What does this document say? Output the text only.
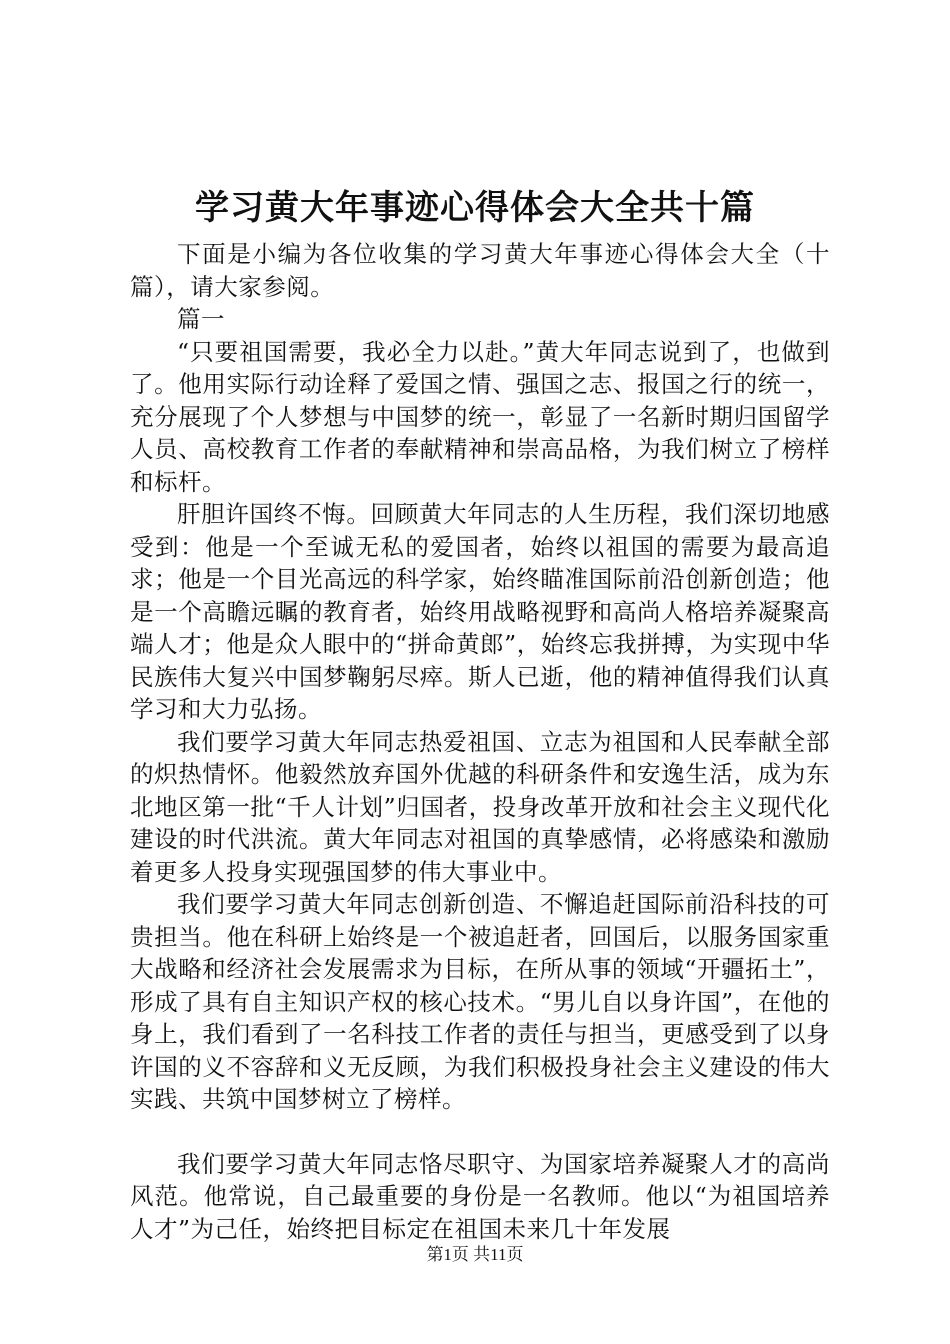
学习黄大年事迹心得体会大全共十篇

下面是小编为各位收集的学习黄大年事迹心得体会大全（十篇），请大家参阅。

篇一

“只要祖国需要，我必全力以赴。”黄大年同志说到了，也做到了。他用实际行动诠释了爱国之情、强国之志、报国之行的统一，充分展现了个人梦想与中国梦的统一，彰显了一名新时期归国留学人员、高校教育工作者的奉献精神和崇高品格，为我们树立了榜样和标杆。

肝胆许国终不悔。回顾黄大年同志的人生历程，我们深切地感受到：他是一个至诚无私的爱国者，始终以祖国的需要为最高追求；他是一个目光高远的科学家，始终瞄准国际前沿创新创造；他是一个高瞻远瞩的教育者，始终用战略视野和高尚人格培养凝聚高端人才；他是众人眼中的“拼命黄郎”，始终忘我拼搏，为实现中华民族伟大复兴中国梦鞠躬尽瘁。斯人已逝，他的精神值得我们认真学习和大力弘扬。

我们要学习黄大年同志热爱祖国、立志为祖国和人民奉献全部的炽热情怀。他毅然放弃国外优越的科研条件和安逸生活，成为东北地区第一批“千人计划”归国者，投身改革开放和社会主义现代化建设的时代洪流。黄大年同志对祖国的真挚感情，必将感染和激励着更多人投身实现强国梦的伟大事业中。

我们要学习黄大年同志创新创造、不懈追赶国际前沿科技的可贵担当。他在科研上始终是一个被追赶者，回国后，以服务国家重大战略和经济社会发展需求为目标，在所从事的领域“开疆拓土”，形成了具有自主知识产权的核心技术。“男儿自以身许国”，在他的身上，我们看到了一名科技工作者的责任与担当，更感受到了以身许国的义不容辞和义无反顾，为我们积极投身社会主义建设的伟大实践、共筑中国梦树立了榜样。

我们要学习黄大年同志恪尽职守、为国家培养凝聚人才的高尚风范。他常说，自己最重要的身份是一名教师。他以“为祖国培养人才”为己任，始终把目标定在祖国未来几十年发展

第1页 共11页
